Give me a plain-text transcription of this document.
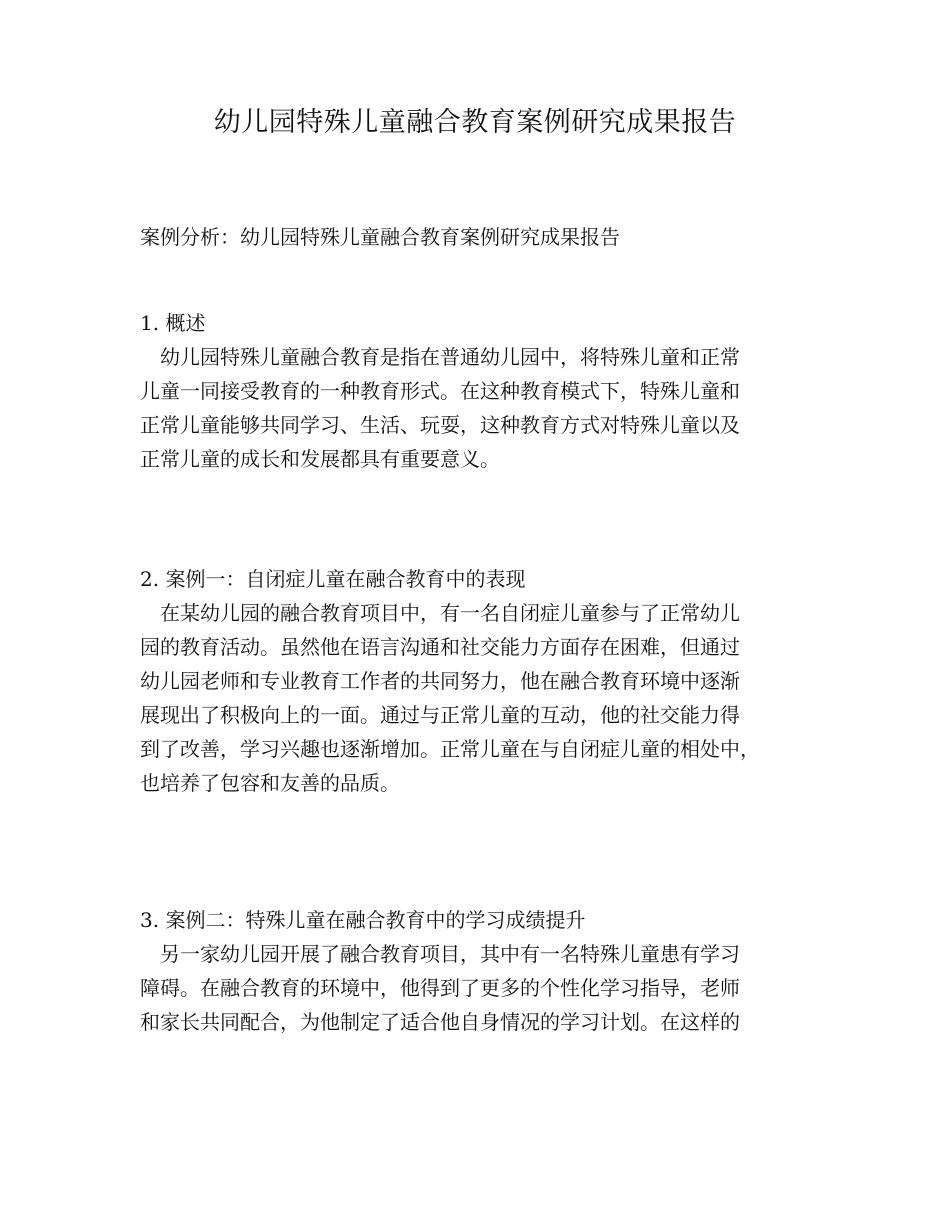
幼儿园特殊儿童融合教育案例研究成果报告
案例分析：幼儿园特殊儿童融合教育案例研究成果报告
1. 概述
幼儿园特殊儿童融合教育是指在普通幼儿园中，将特殊儿童和正常
儿童一同接受教育的一种教育形式。在这种教育模式下，特殊儿童和
正常儿童能够共同学习、生活、玩耍，这种教育方式对特殊儿童以及
正常儿童的成长和发展都具有重要意义。
2. 案例一：自闭症儿童在融合教育中的表现
在某幼儿园的融合教育项目中，有一名自闭症儿童参与了正常幼儿
园的教育活动。虽然他在语言沟通和社交能力方面存在困难，但通过
幼儿园老师和专业教育工作者的共同努力，他在融合教育环境中逐渐
展现出了积极向上的一面。通过与正常儿童的互动，他的社交能力得
到了改善，学习兴趣也逐渐增加。正常儿童在与自闭症儿童的相处中，
也培养了包容和友善的品质。
3. 案例二：特殊儿童在融合教育中的学习成绩提升
另一家幼儿园开展了融合教育项目，其中有一名特殊儿童患有学习
障碍。在融合教育的环境中，他得到了更多的个性化学习指导，老师
和家长共同配合，为他制定了适合他自身情况的学习计划。在这样的
